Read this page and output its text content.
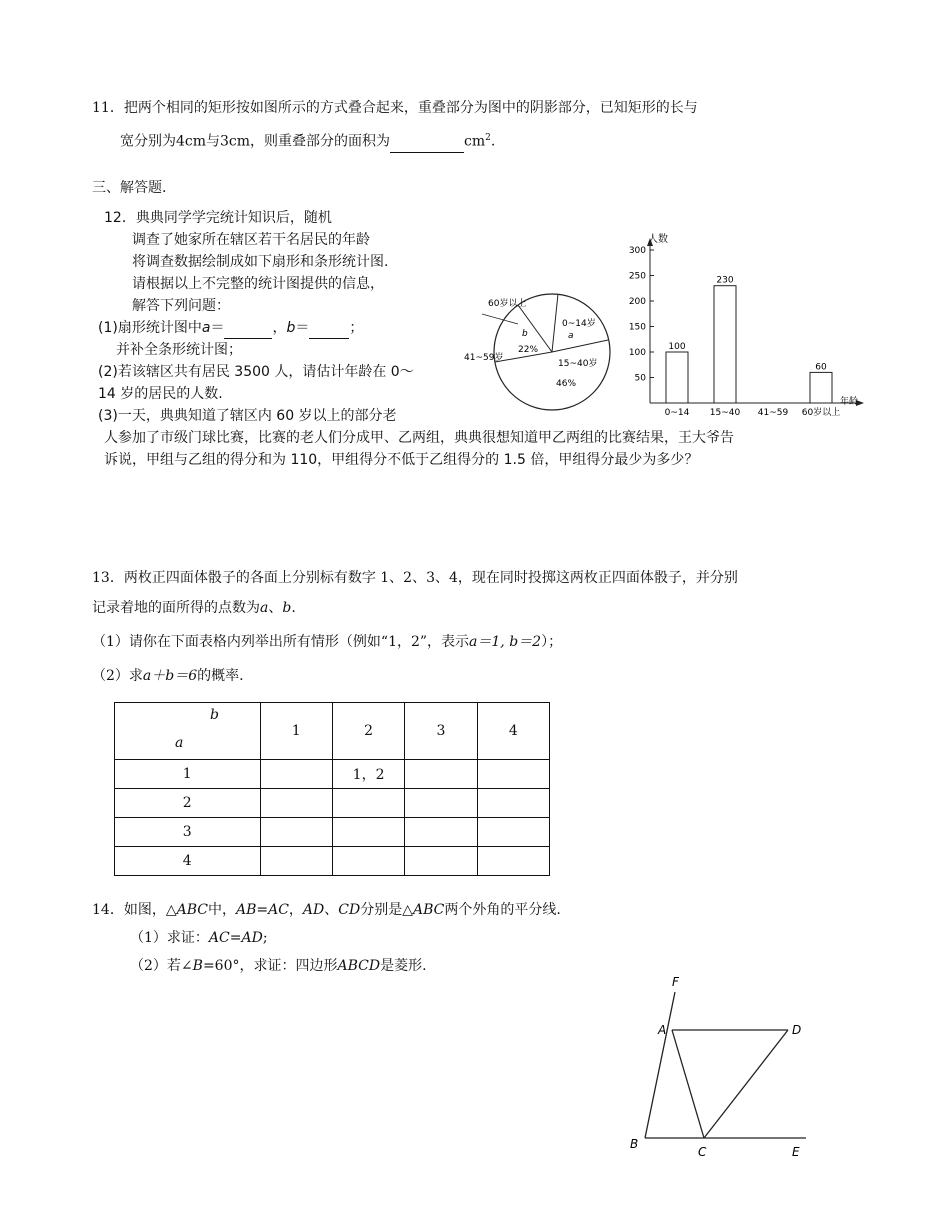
11．把两个相同的矩形按如图所示的方式叠合起来，重叠部分为图中的阴影部分，已知矩形的长与
宽分别为4cm与3cm，则重叠部分的面积为	$cm^2$.
三、解答题.
12．典典同学学完统计知识后，随机
调查了她家所在辖区若干名居民的年龄
将调查数据绘制成如下扇形和条形统计图.
请根据以上不完整的统计图提供的信息，
解答下列问题：
(1)扇形统计图中a＝	，b＝	；
并补全条形统计图；
(2)若该辖区共有居民 3500 人，请估计年龄在 0～
14 岁的居民的人数.
(3)一天，典典知道了辖区内 60 岁以上的部分老
人参加了市级门球比赛，比赛的老人们分成甲、乙两组，典典很想知道甲乙两组的比赛结果，王大爷告
诉说，甲组与乙组的得分和为 110，甲组得分不低于乙组得分的 1.5 倍，甲组得分最少为多少？
60岁以上
b
22%
0~14岁
a
15~40岁
46%
41~59岁
人数
年龄
50
100
150
200
250
300
100
0~14
230
15~40 41~59
60
60岁以上
13．两枚正四面体骰子的各面上分别标有数字 1、2、3、4，现在同时投掷这两枚正四面体骰子，并分别
记录着地的面所得的点数为a、b.
（1）请你在下面表格内列举出所有情形（例如“1，2”，表示a＝1, b＝2）；
（2）求a＋b＝6的概率.
b
a	1	2	3	4
1		1，2		
2				
3				
4				
14．如图，△ABC中，AB=AC，AD、CD分别是△ABC两个外角的平分线.
（1）求证：AC=AD;
（2）若∠B=60°，求证：四边形ABCD是菱形.
F
A	D
B
C	E
